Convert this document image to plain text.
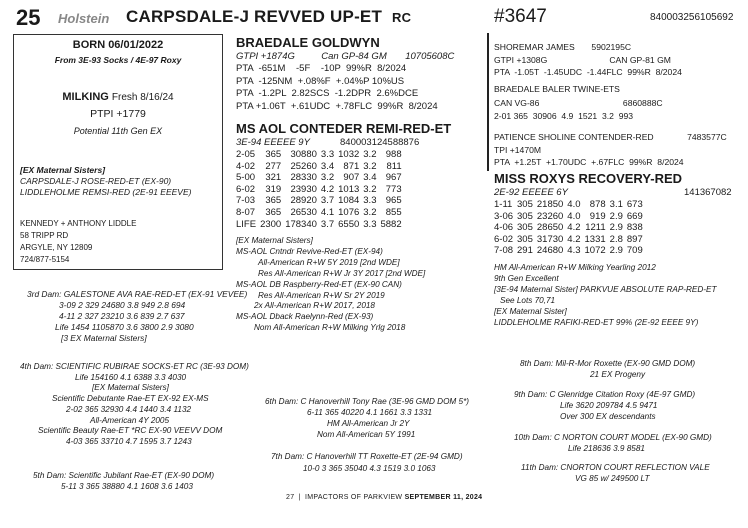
25 Holstein CARPSDALE-J REVVED UP-ET RC	#3647	840003256105692
BORN 06/01/2022
From 3E-93 Socks / 4E-97 Roxy
MILKING Fresh 8/16/24
PTPI +1779
Potential 11th Gen EX
[EX Maternal Sisters]
CARPSDALE-J ROSE-RED-ET (EX-90)
LIDDLEHOLME REMSI-RED (2E-91 EEEVE)
KENNEDY + ANTHONY LIDDLE
58 TRIPP RD
ARGYLE, NY 12809
724/877-5154
BRAEDALE GOLDWYN
GTPI +1874G          Can GP-84 GM       10705608C
PTA  -651M    -5F    -10P  99%R  8/2024
PTA  -125NM  +.08%F  +.04%P 10%US
PTA  -1.2PL  2.82SCS  -1.2DPR  2.6%DCE
PTA +1.06T  +.61UDC  +.78FLC  99%R  8/2024
MS AOL CONTEDER REMI-RED-ET
3E-94 EEEEE 9Y	840003124588876
2-05	365	30880	3.3	1032	3.2	988
4-02	277	25260	3.4	871	3.2	811
5-00	321	28330	3.2	907	3.4	967
6-02	319	23930	4.2	1013	3.2	773
7-03	365	28920	3.7	1084	3.3	965
8-07	365	26530	4.1	1076	3.2	855
LIFE	2300	178340	3.7	6550	3.3	5882
[EX Maternal Sisters]
MS-AOL Cntndr Revive-Red-ET (EX-94)
All-American R+W 5Y 2019 [2nd WDE]
Res All-American R+W Jr 3Y 2017 [2nd WDE]
MS-AOL DB Raspberry-Red-ET (EX-90 CAN)
Res All-American R+W Sr 2Y 2019
2x All-American R+W 2017, 2018
MS-AOL Dback Raelynn-Red (EX-93)
Nom All-American R+W Milking Yrlg 2018
SHOREMAR JAMES       5902195C
GTPI +1308G                          CAN GP-81 GM
PTA  -1.05T  -1.45UDC  -1.44FLC  99%R  8/2024
BRAEDALE BALER TWINE-ETS
CAN VG-86                                   6860888C
2-01 365  30906  4.9  1521  3.2  993
PATIENCE SHOLINE CONTENDER-RED              7483577C
TPI +1470M
PTA  +1.25T  +1.70UDC  +.67FLC  99%R  8/2024
MISS ROXYS RECOVERY-RED
2E-92 EEEEE 6Y	141367082
1-11	305	21850	4.0	878	3.1	673
3-06	305	23260	4.0	919	2.9	669
4-06	305	28650	4.2	1211	2.9	838
6-02	305	31730	4.2	1331	2.8	897
7-08	291	24680	4.3	1072	2.9	709
HM All-American R+W Milking Yearling 2012
9th Gen Excellent
[3E-94 Maternal Sister] PARKVUE ABSOLUTE RAP-RED-ET
See Lots 70,71
[EX Maternal Sister]
LIDDLEHOLME RAFIKI-RED-ET 99% (2E-92 EEEE 9Y)
3rd Dam: GALESTONE AVA RAE-RED-ET (EX-91 VEVEE)
3-09 2 329 24680 3.8 949 2.8 694
4-11 2 327 23210 3.6 839 2.7 637
Life 1454 1105870 3.6 3800 2.9 3080
[3 EX Maternal Sisters]
4th Dam: SCIENTIFIC RUBIRAE SOCKS-ET RC (3E-93 DOM)
Life 154160 4.1 6388 3.3 4030
[EX Maternal Sisters]
Scientific Debutante Rae-ET EX-92 EX-MS
2-02 365 32930 4.4 1440 3.4 1132
All-American 4Y 2005
Scientific Beauty Rae-ET *RC EX-90 VEEVV DOM
4-03 365 33710 4.7 1595 3.7 1243
5th Dam: Scientific Jubilant Rae-ET (EX-90 DOM)
5-11 3 365 38880 4.1 1608 3.6 1403
6th Dam: C Hanoverhill Tony Rae (3E-96 GMD DOM 5*)
6-11 365 40220 4.1 1661 3.3 1331
HM All-American Jr 2Y
Nom All-American 5Y 1991
7th Dam: C Hanoverhill TT Roxette-ET (2E-94 GMD)
10-0 3 365 35040 4.3 1519 3.0 1063
8th Dam: Mil-R-Mor Roxette (EX-90 GMD DOM)
21 EX Progeny
9th Dam: C Glenridge Citation Roxy (4E-97 GMD)
Life 3620 209784 4.5 9471
Over 300 EX descendants
10th Dam: C NORTON COURT MODEL (EX-90 GMD)
Life 218636 3.9 8581
11th Dam: CNORTON COURT REFLECTION VALE
VG 85 w/ 249500 LT
27 | IMPACTORS OF PARKVIEW SEPTEMBER 11, 2024
